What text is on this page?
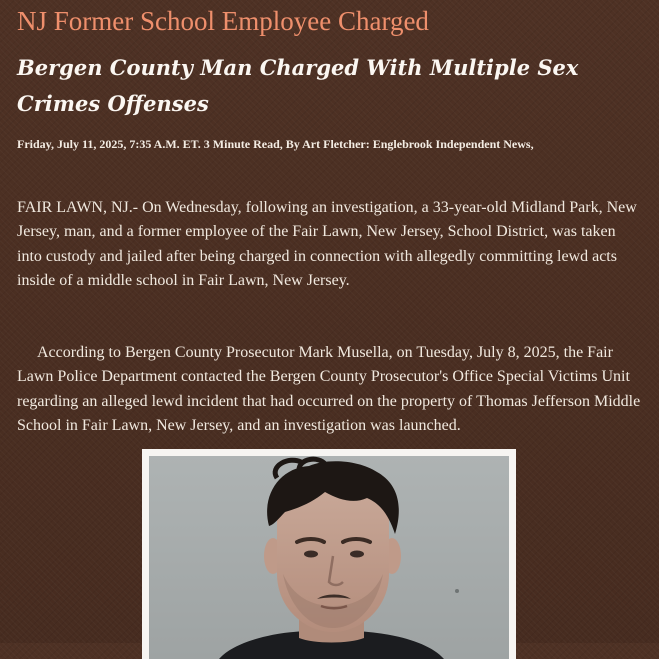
NJ Former School Employee Charged
Bergen County Man Charged With Multiple Sex Crimes Offenses
Friday, July 11, 2025, 7:35 A.M. ET. 3 Minute Read, By Art Fletcher: Englebrook Independent News,

FAIR LAWN, NJ.- On Wednesday, following an investigation, a 33-year-old Midland Park, New Jersey, man, and a former employee of the Fair Lawn, New Jersey, School District, was taken into custody and jailed after being charged in connection with allegedly committing lewd acts inside of a middle school in Fair Lawn, New Jersey.

According to Bergen County Prosecutor Mark Musella, on Tuesday, July 8, 2025, the Fair Lawn Police Department contacted the Bergen County Prosecutor's Office Special Victims Unit regarding an alleged lewd incident that had occurred on the property of Thomas Jefferson Middle School in Fair Lawn, New Jersey, and an investigation was launched.
